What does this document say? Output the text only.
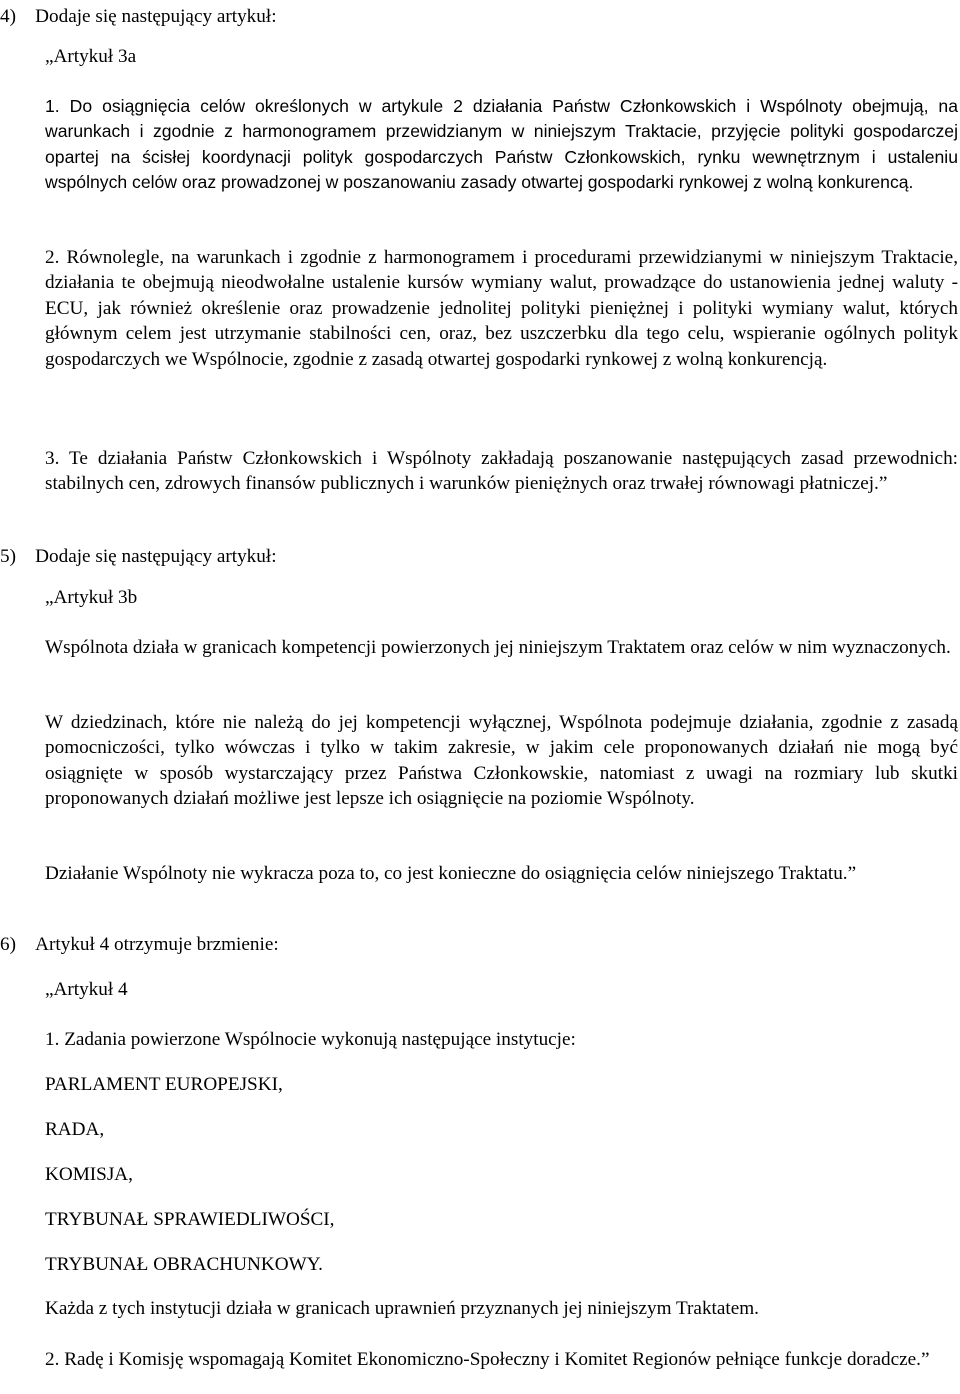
4)    Dodaje się następujący artykuł:
„Artykuł 3a
1. Do osiągnięcia celów określonych w artykule 2 działania Państw Członkowskich i Wspólnoty obejmują, na warunkach i zgodnie z harmonogramem przewidzianym w niniejszym Traktacie, przyjęcie polityki gospodarczej opartej na ścisłej koordynacji polityk gospodarczych Państw Członkowskich, rynku wewnętrznym i ustaleniu wspólnych celów oraz prowadzonej w poszanowaniu zasady otwartej gospodarki rynkowej z wolną konkurencą.
2. Równolegle, na warunkach i zgodnie z harmonogramem i procedurami przewidzianymi w niniejszym Traktacie, działania te obejmują nieodwołalne ustalenie kursów wymiany walut, prowadzące do ustanowienia jednej waluty - ECU, jak również określenie oraz prowadzenie jednolitej polityki pieniężnej i polityki wymiany walut, których głównym celem jest utrzymanie stabilności cen, oraz, bez uszczerbku dla tego celu, wspieranie ogólnych polityk gospodarczych we Wspólnocie, zgodnie z zasadą otwartej gospodarki rynkowej z wolną konkurencją.
3. Te działania Państw Członkowskich i Wspólnoty zakładają poszanowanie następujących zasad przewodnich: stabilnych cen, zdrowych finansów publicznych i warunków pieniężnych oraz trwałej równowagi płatniczej.”
5)    Dodaje się następujący artykuł:
„Artykuł 3b
Wspólnota działa w granicach kompetencji powierzonych jej niniejszym Traktatem oraz celów w nim wyznaczonych.
W dziedzinach, które nie należą do jej kompetencji wyłącznej, Wspólnota podejmuje działania, zgodnie z zasadą pomocniczości, tylko wówczas i tylko w takim zakresie, w jakim cele proponowanych działań nie mogą być osiągnięte w sposób wystarczający przez Państwa Członkowskie, natomiast z uwagi na rozmiary lub skutki proponowanych działań możliwe jest lepsze ich osiągnięcie na poziomie Wspólnoty.
Działanie Wspólnoty nie wykracza poza to, co jest konieczne do osiągnięcia celów niniejszego Traktatu.”
6)    Artykuł 4 otrzymuje brzmienie:
„Artykuł 4
1. Zadania powierzone Wspólnocie wykonują następujące instytucje:
PARLAMENT EUROPEJSKI,
RADA,
KOMISJA,
TRYBUNAŁ SPRAWIEDLIWOŚCI,
TRYBUNAŁ OBRACHUNKOWY.
Każda z tych instytucji działa w granicach uprawnień przyznanych jej niniejszym Traktatem.
2. Radę i Komisję wspomagają Komitet Ekonomiczno-Społeczny i Komitet Regionów pełniące funkcje doradcze.”
